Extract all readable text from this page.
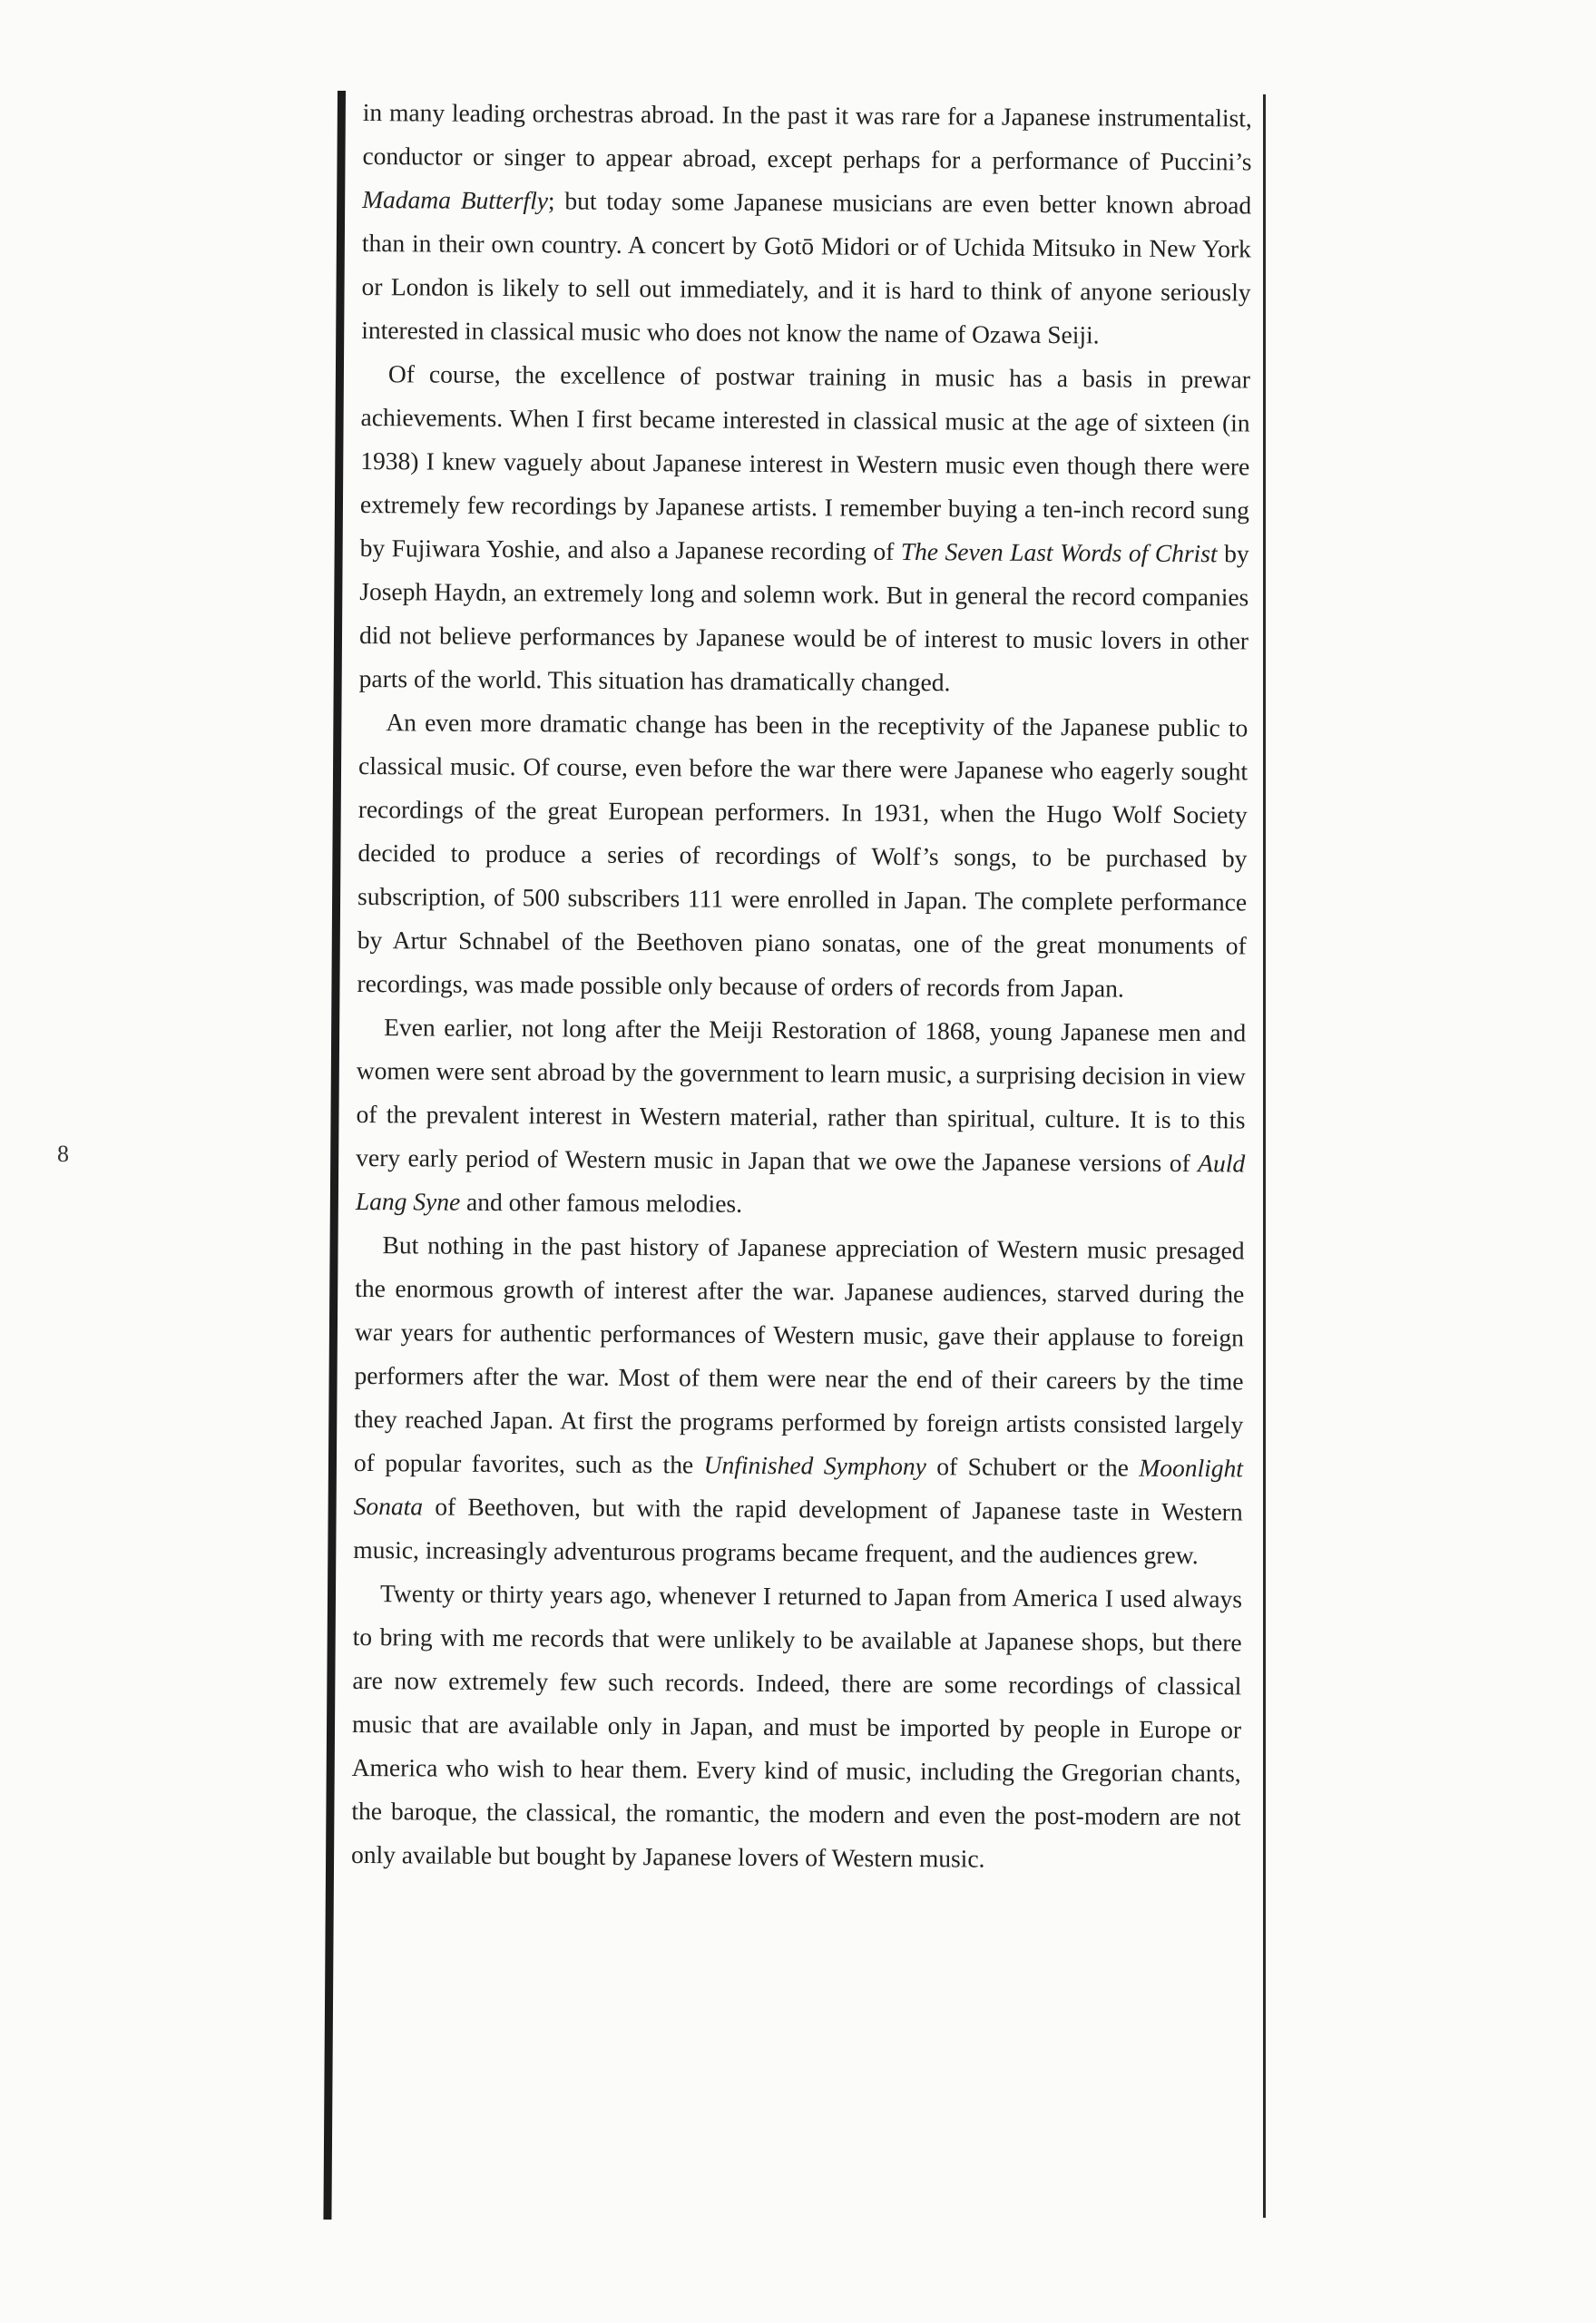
8

in many leading orchestras abroad. In the past it was rare for a Japanese instrumentalist, conductor or singer to appear abroad, except perhaps for a performance of Puccini’s Madama Butterfly; but today some Japanese musicians are even better known abroad than in their own country. A concert by Gotō Midori or of Uchida Mitsuko in New York or London is likely to sell out immediately, and it is hard to think of anyone seriously interested in classical music who does not know the name of Ozawa Seiji.

Of course, the excellence of postwar training in music has a basis in prewar achievements. When I first became interested in classical music at the age of sixteen (in 1938) I knew vaguely about Japanese interest in Western music even though there were extremely few recordings by Japanese artists. I remember buying a ten-inch record sung by Fujiwara Yoshie, and also a Japanese recording of The Seven Last Words of Christ by Joseph Haydn, an extremely long and solemn work. But in general the record companies did not believe performances by Japanese would be of interest to music lovers in other parts of the world. This situation has dramatically changed.

An even more dramatic change has been in the receptivity of the Japanese public to classical music. Of course, even before the war there were Japanese who eagerly sought recordings of the great European performers. In 1931, when the Hugo Wolf Society decided to produce a series of recordings of Wolf’s songs, to be purchased by subscription, of 500 subscribers 111 were enrolled in Japan. The complete performance by Artur Schnabel of the Beethoven piano sonatas, one of the great monuments of recordings, was made possible only because of orders of records from Japan.

Even earlier, not long after the Meiji Restoration of 1868, young Japanese men and women were sent abroad by the government to learn music, a surprising decision in view of the prevalent interest in Western material, rather than spiritual, culture. It is to this very early period of Western music in Japan that we owe the Japanese versions of Auld Lang Syne and other famous melodies.

But nothing in the past history of Japanese appreciation of Western music presaged the enormous growth of interest after the war. Japanese audiences, starved during the war years for authentic performances of Western music, gave their applause to foreign performers after the war. Most of them were near the end of their careers by the time they reached Japan. At first the programs performed by foreign artists consisted largely of popular favorites, such as the Unfinished Symphony of Schubert or the Moonlight Sonata of Beethoven, but with the rapid development of Japanese taste in Western music, increasingly adventurous programs became frequent, and the audiences grew.

Twenty or thirty years ago, whenever I returned to Japan from America I used always to bring with me records that were unlikely to be available at Japanese shops, but there are now extremely few such records. Indeed, there are some recordings of classical music that are available only in Japan, and must be imported by people in Europe or America who wish to hear them. Every kind of music, including the Gregorian chants, the baroque, the classical, the romantic, the modern and even the post-modern are not only available but bought by Japanese lovers of Western music.
